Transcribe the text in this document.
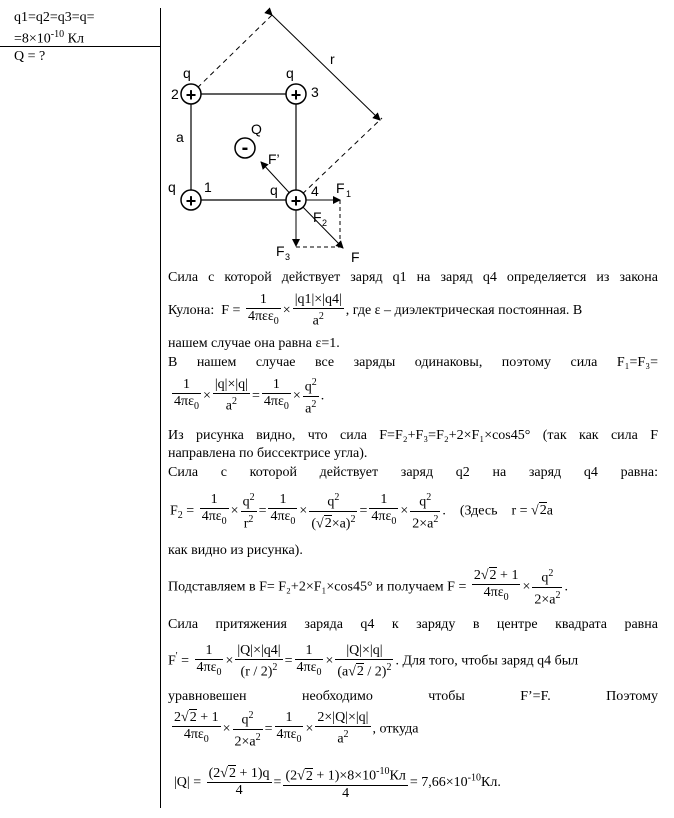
q1=q2=q3=q=
$=8\times 10^{-10}$ Кл
Q = ?
+	+
+	+
-
q
2
q
3
a	Q
F’
q 1	q 4 F 1
F 2
F 3	F
r
Сила с которой действует заряд q1 на заряд q4 определяется из закона
Кулона:  F =
1
4πεε$_0$
× $\frac{|q1|\times|q4|}{a^2}$ , где ε – диэлектрическая постоянная. В
нашем случае она равна ε=1.
В нашем случае все заряды одинаковы, поэтому сила F₁=F₃=
$\frac{1}{4\pi\varepsilon_0} \times \frac{|q|\times|q|}{a^2} = \frac{1}{4\pi\varepsilon_0} \times \frac{q^2}{a^2}$ .
Из рисунка видно, что сила F=F₂+F₃=F₂+2×F₁×cos45° (так как сила F
направлена по биссектрисе угла).
Сила с которой действует заряд q2 на заряд q4 равна:
$F_2 = \frac{1}{4\pi\varepsilon_0} \times \frac{q^2}{r^2} = \frac{1}{4\pi\varepsilon_0} \times \frac{q^2}{(√2\times a)^2} = \frac{1}{4\pi\varepsilon_0} \times \frac{q^2}{2\times a^2}$ .    (Здесь    r = √2a
как видно из рисунка).
Подставляем в F= F₂+2×F₁×cos45° и получаем $F = \frac{2√2 + 1}{4\pi\varepsilon_0} \times \frac{q^2}{2\times a^2}$ .
Сила притяжения заряда q4 к заряду в центре квадрата равна
$F' = \frac{1}{4\pi\varepsilon_0} \times \frac{|Q|\times|q4|}{(r / 2)^2} = \frac{1}{4\pi\varepsilon_0} \times \frac{|Q|\times|q|}{(a√2 / 2)^2}$ . Для того, чтобы заряд q4 был
уравновешен необходимо чтобы F’=F. Поэтому
$\frac{2√2 + 1}{4\pi\varepsilon_0} \times \frac{q^2}{2\times a^2} = \frac{1}{4\pi\varepsilon_0} \times \frac{2\times|Q|\times|q|}{a^2}$ , откуда
$|Q| = \frac{(2√2 + 1)q}{4} = (2√2 + 1)\times 8\times 10^{-10}Кл$
4
= $7,66\times 10^{-10}Кл$.
